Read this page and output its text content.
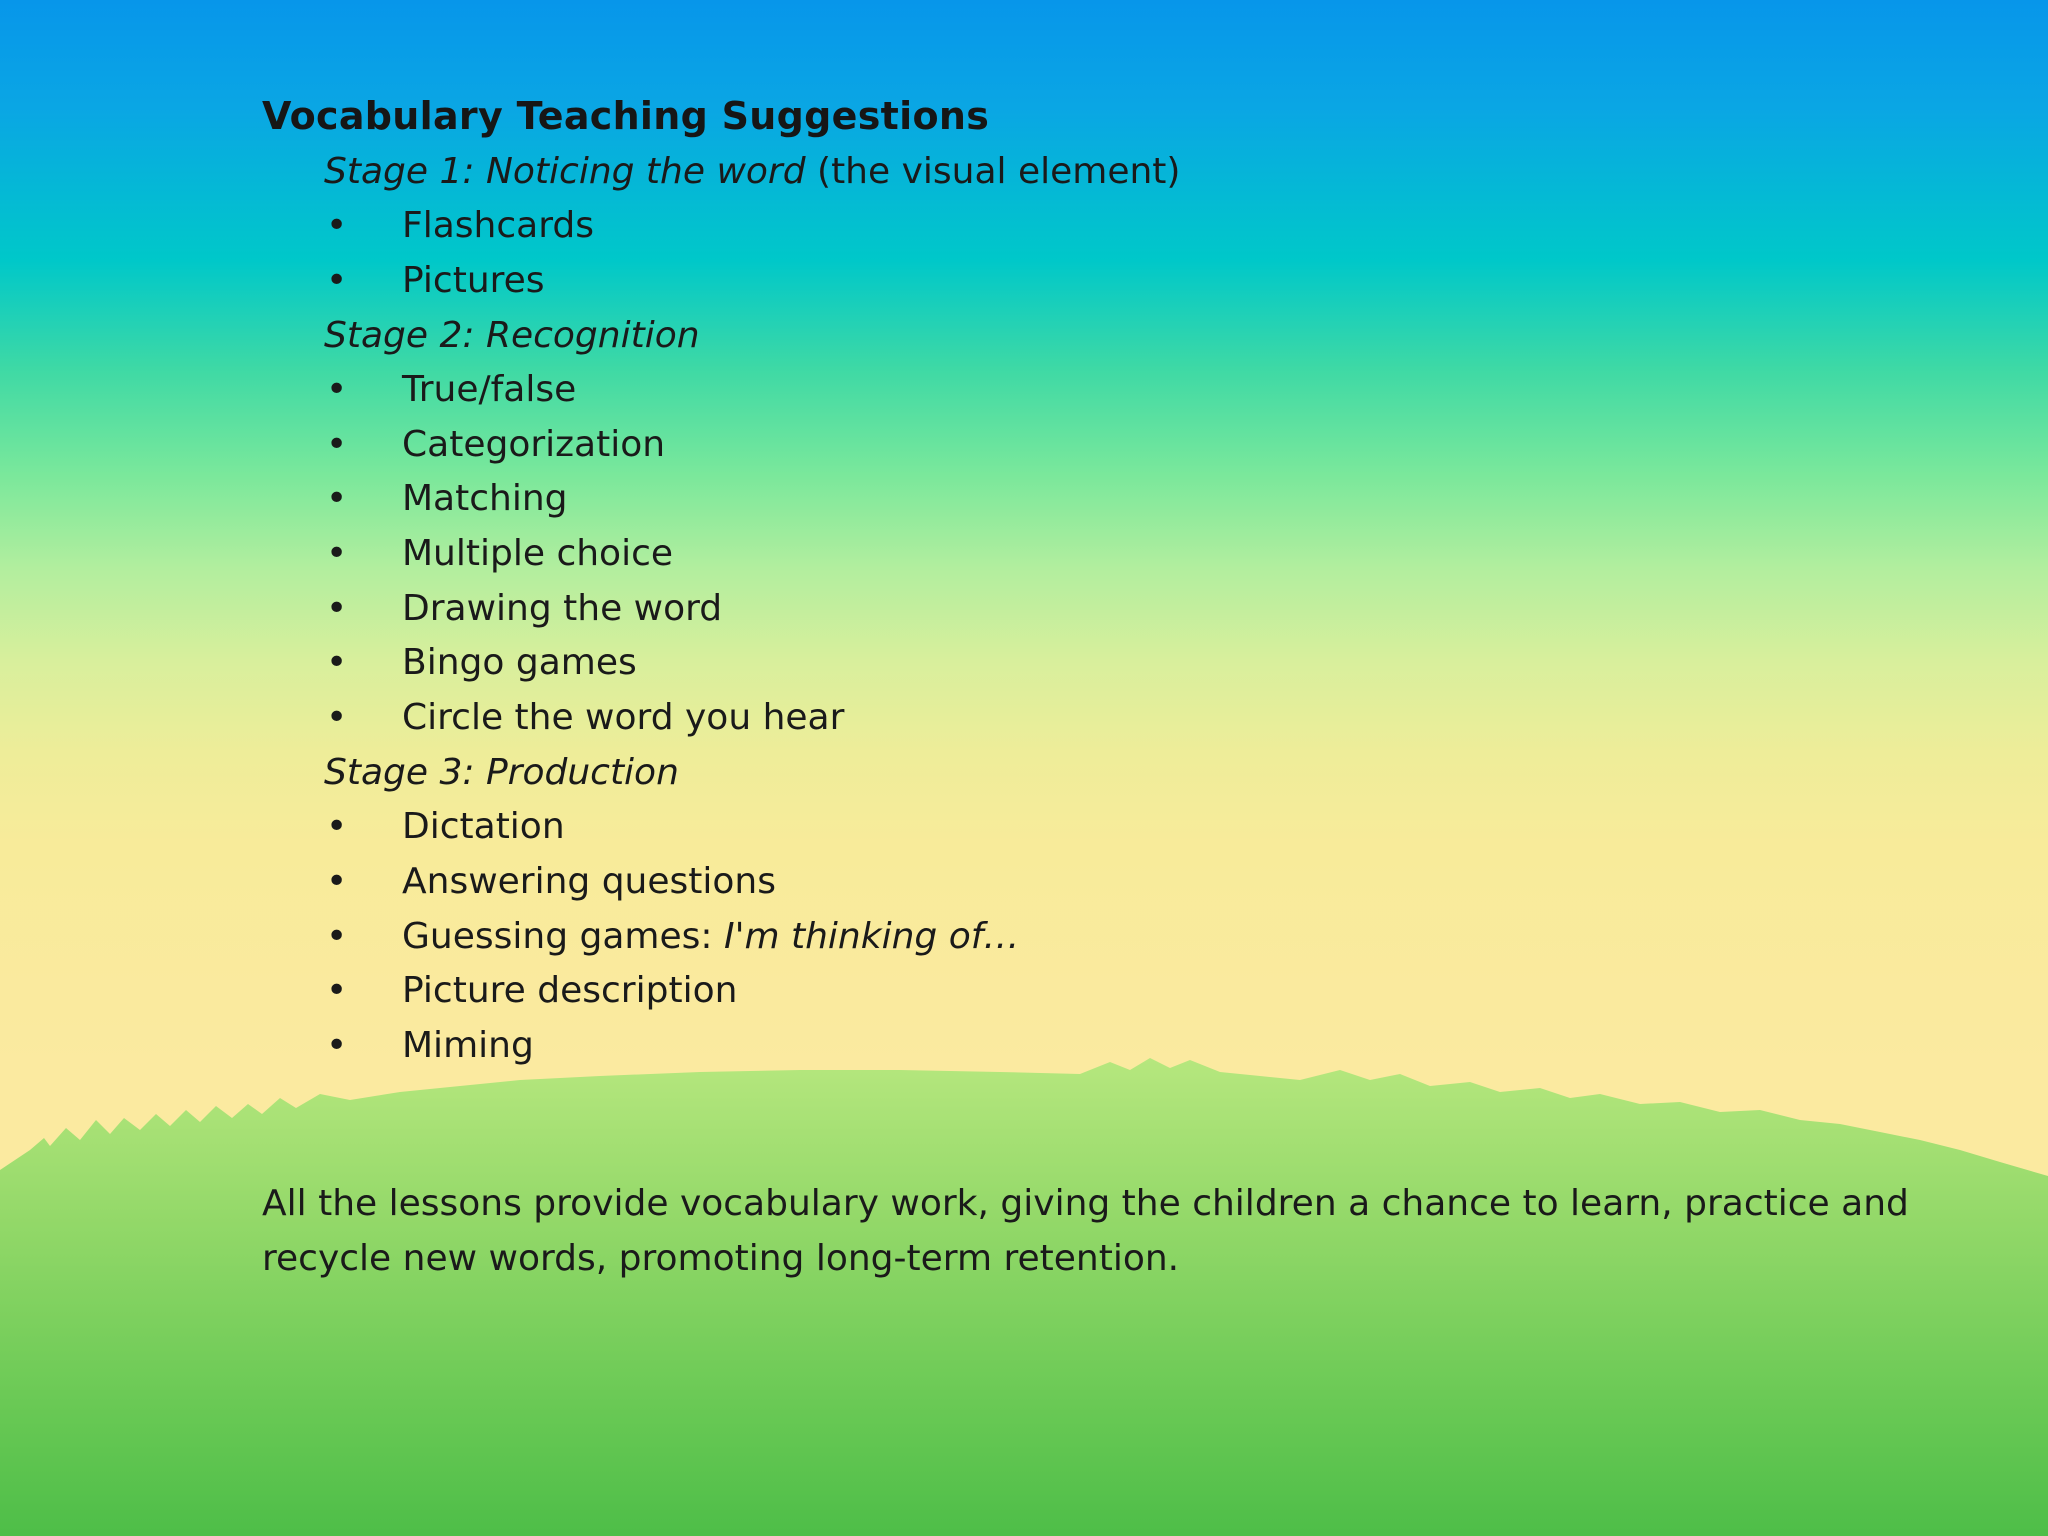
Vocabulary Teaching Suggestions

Stage 1: Noticing the word (the visual element)

•	Flashcards
•	Pictures

Stage 2: Recognition

•	True/false
•	Categorization
•	Matching
•	Multiple choice
•	Drawing the word
•	Bingo games
•	Circle the word you hear

Stage 3: Production

•	Dictation
•	Answering questions
•	Guessing games: I'm thinking of…
•	Picture description
•	Miming

All the lessons provide vocabulary work, giving the children a chance to learn, practice and recycle new words, promoting long-term retention.
